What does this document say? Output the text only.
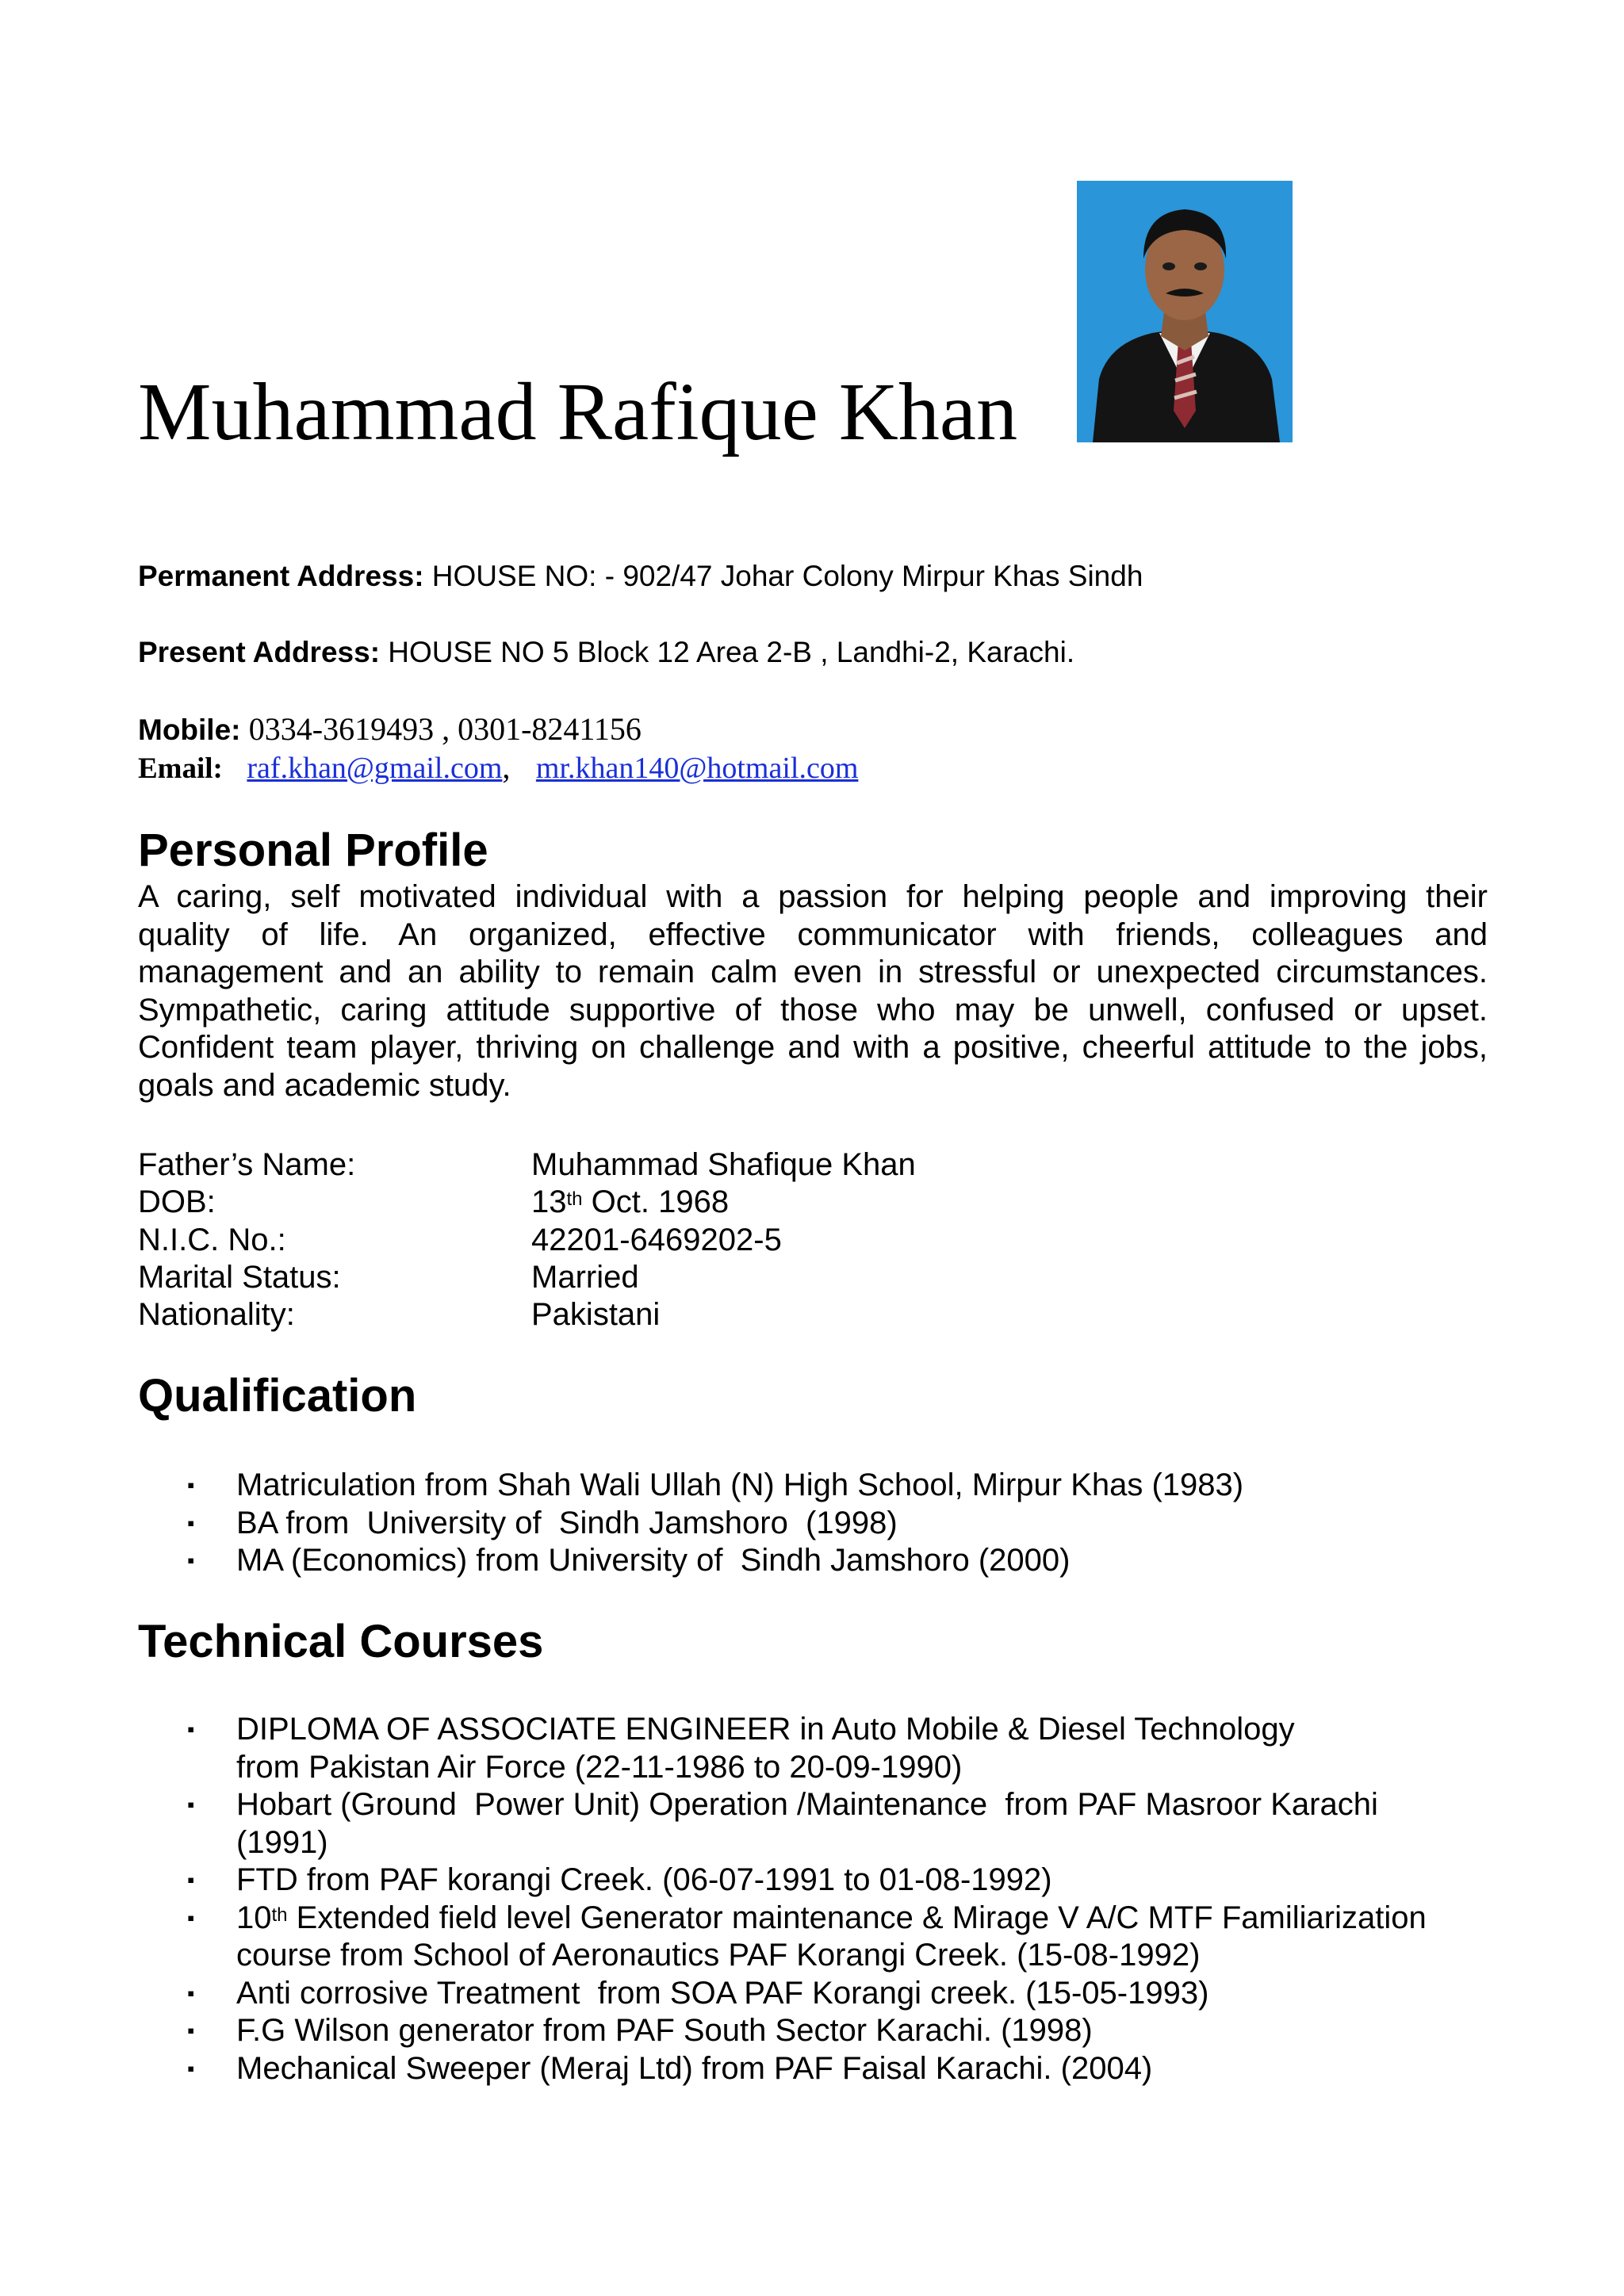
Muhammad Rafique Khan
Permanent Address: HOUSE NO: - 902/47 Johar Colony Mirpur Khas Sindh
Present Address: HOUSE NO 5 Block 12 Area 2-B , Landhi-2, Karachi.
Mobile: 0334-3619493 , 0301-8241156
Email: raf.khan@gmail.com, mr.khan140@hotmail.com
Personal Profile
A caring, self motivated individual with a passion for helping people and improving their
quality of life. An organized, effective communicator with friends, colleagues and
management and an ability to remain calm even in stressful or unexpected circumstances.
Sympathetic, caring attitude supportive of those who may be unwell, confused or upset.
Confident team player, thriving on challenge and with a positive, cheerful attitude to the jobs,
goals and academic study.
Father’s Name:	Muhammad Shafique Khan
DOB:	13th Oct. 1968
N.I.C. No.:	42201-6469202-5
Marital Status:	Married
Nationality:	Pakistani
Qualification
▪ Matriculation from Shah Wali Ullah (N) High School, Mirpur Khas (1983)
▪ BA from  University of  Sindh Jamshoro  (1998)
▪ MA (Economics) from University of  Sindh Jamshoro (2000)
Technical Courses
▪ DIPLOMA OF ASSOCIATE ENGINEER in Auto Mobile & Diesel Technology
from Pakistan Air Force (22-11-1986 to 20-09-1990)
▪ Hobart (Ground  Power Unit) Operation /Maintenance  from PAF Masroor Karachi
(1991)
▪ FTD from PAF korangi Creek. (06-07-1991 to 01-08-1992)
▪ 10th Extended field level Generator maintenance & Mirage V A/C MTF Familiarization
course from School of Aeronautics PAF Korangi Creek. (15-08-1992)
▪ Anti corrosive Treatment  from SOA PAF Korangi creek. (15-05-1993)
▪ F.G Wilson generator from PAF South Sector Karachi. (1998)
▪ Mechanical Sweeper (Meraj Ltd) from PAF Faisal Karachi. (2004)
